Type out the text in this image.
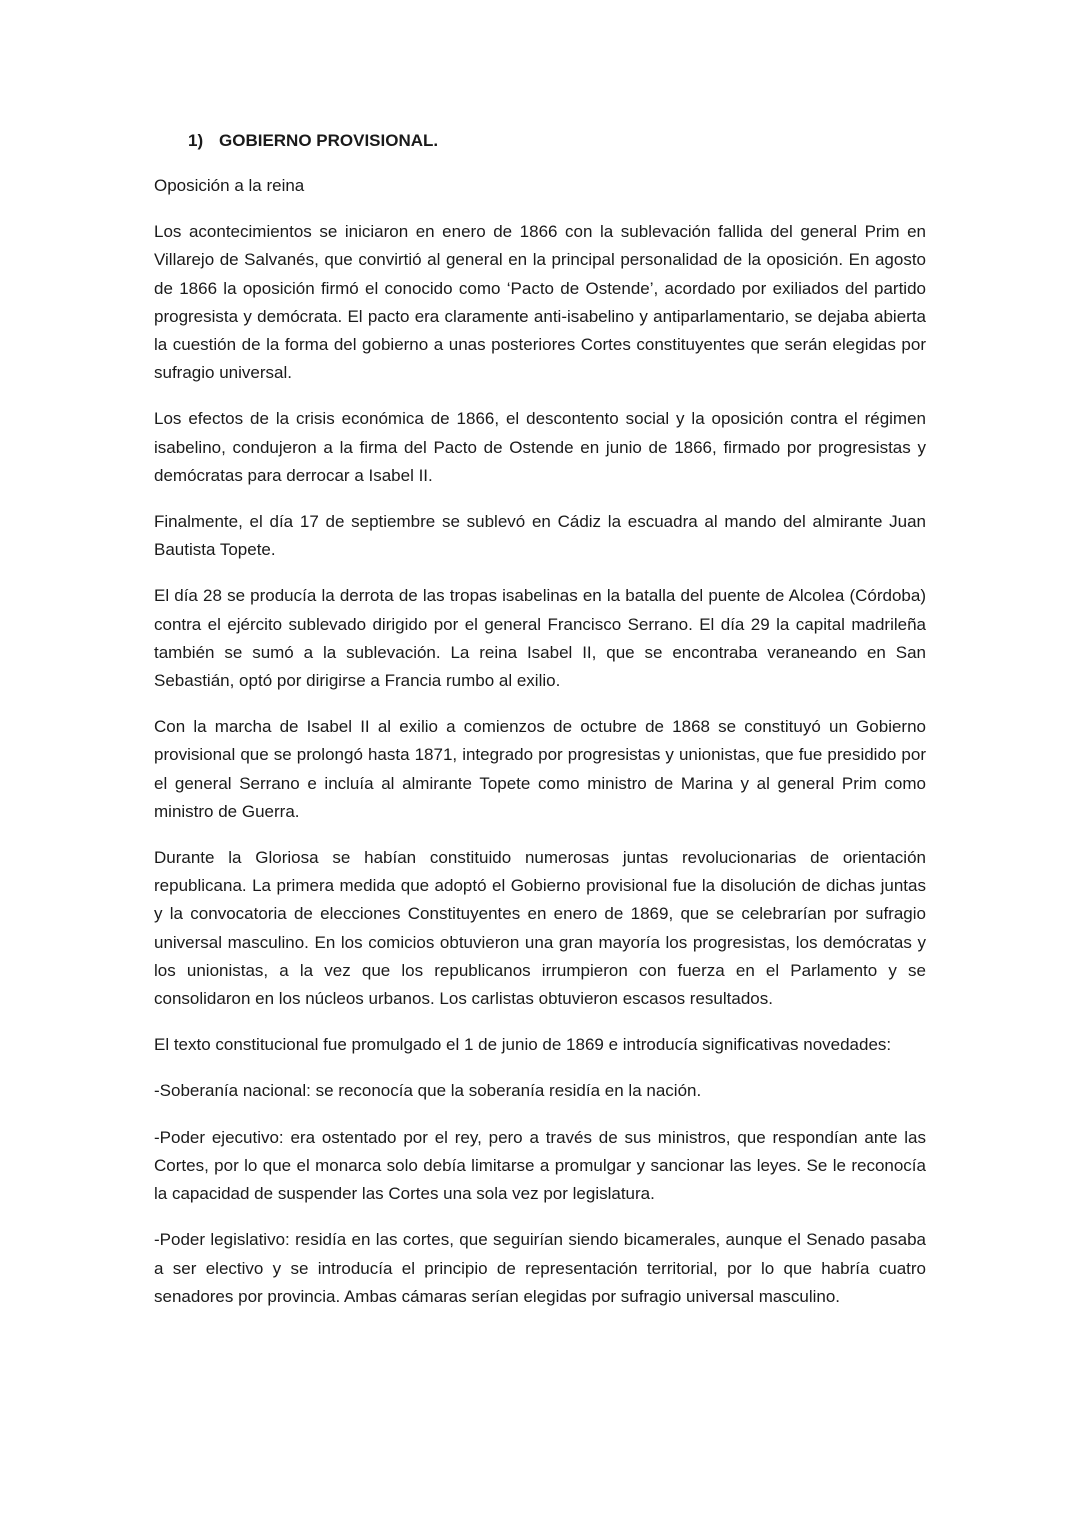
1) GOBIERNO PROVISIONAL.
Oposición a la reina

Los acontecimientos se iniciaron en enero de 1866 con la sublevación fallida del general Prim en Villarejo de Salvanés, que convirtió al general en la principal personalidad de la oposición. En agosto de 1866 la oposición firmó el conocido como ‘Pacto de Ostende’, acordado por exiliados del partido progresista y demócrata. El pacto era claramente anti-isabelino y antiparlamentario, se dejaba abierta la cuestión de la forma del gobierno a unas posteriores Cortes constituyentes que serán elegidas por sufragio universal.

Los efectos de la crisis económica de 1866, el descontento social y la oposición contra el régimen isabelino, condujeron a la firma del Pacto de Ostende en junio de 1866, firmado por progresistas y demócratas para derrocar a Isabel II.

Finalmente, el día 17 de septiembre se sublevó en Cádiz la escuadra al mando del almirante Juan Bautista Topete.

El día 28 se producía la derrota de las tropas isabelinas en la batalla del puente de Alcolea (Córdoba) contra el ejército sublevado dirigido por el general Francisco Serrano. El día 29 la capital madrileña también se sumó a la sublevación. La reina Isabel II, que se encontraba veraneando en San Sebastián, optó por dirigirse a Francia rumbo al exilio.

Con la marcha de Isabel II al exilio a comienzos de octubre de 1868 se constituyó un Gobierno provisional que se prolongó hasta 1871, integrado por progresistas y unionistas, que fue presidido por el general Serrano e incluía al almirante Topete como ministro de Marina y al general Prim como ministro de Guerra.

Durante la Gloriosa se habían constituido numerosas juntas revolucionarias de orientación republicana. La primera medida que adoptó el Gobierno provisional fue la disolución de dichas juntas y la convocatoria de elecciones Constituyentes en enero de 1869, que se celebrarían por sufragio universal masculino. En los comicios obtuvieron una gran mayoría los progresistas, los demócratas y los unionistas, a la vez que los republicanos irrumpieron con fuerza en el Parlamento y se consolidaron en los núcleos urbanos. Los carlistas obtuvieron escasos resultados.

El texto constitucional fue promulgado el 1 de junio de 1869 e introducía significativas novedades:

-Soberanía nacional: se reconocía que la soberanía residía en la nación.

-Poder ejecutivo: era ostentado por el rey, pero a través de sus ministros, que respondían ante las Cortes, por lo que el monarca solo debía limitarse a promulgar y sancionar las leyes. Se le reconocía la capacidad de suspender las Cortes una sola vez por legislatura.

-Poder legislativo: residía en las cortes, que seguirían siendo bicamerales, aunque el Senado pasaba a ser electivo y se introducía el principio de representación territorial, por lo que habría cuatro senadores por provincia. Ambas cámaras serían elegidas por sufragio universal masculino.
